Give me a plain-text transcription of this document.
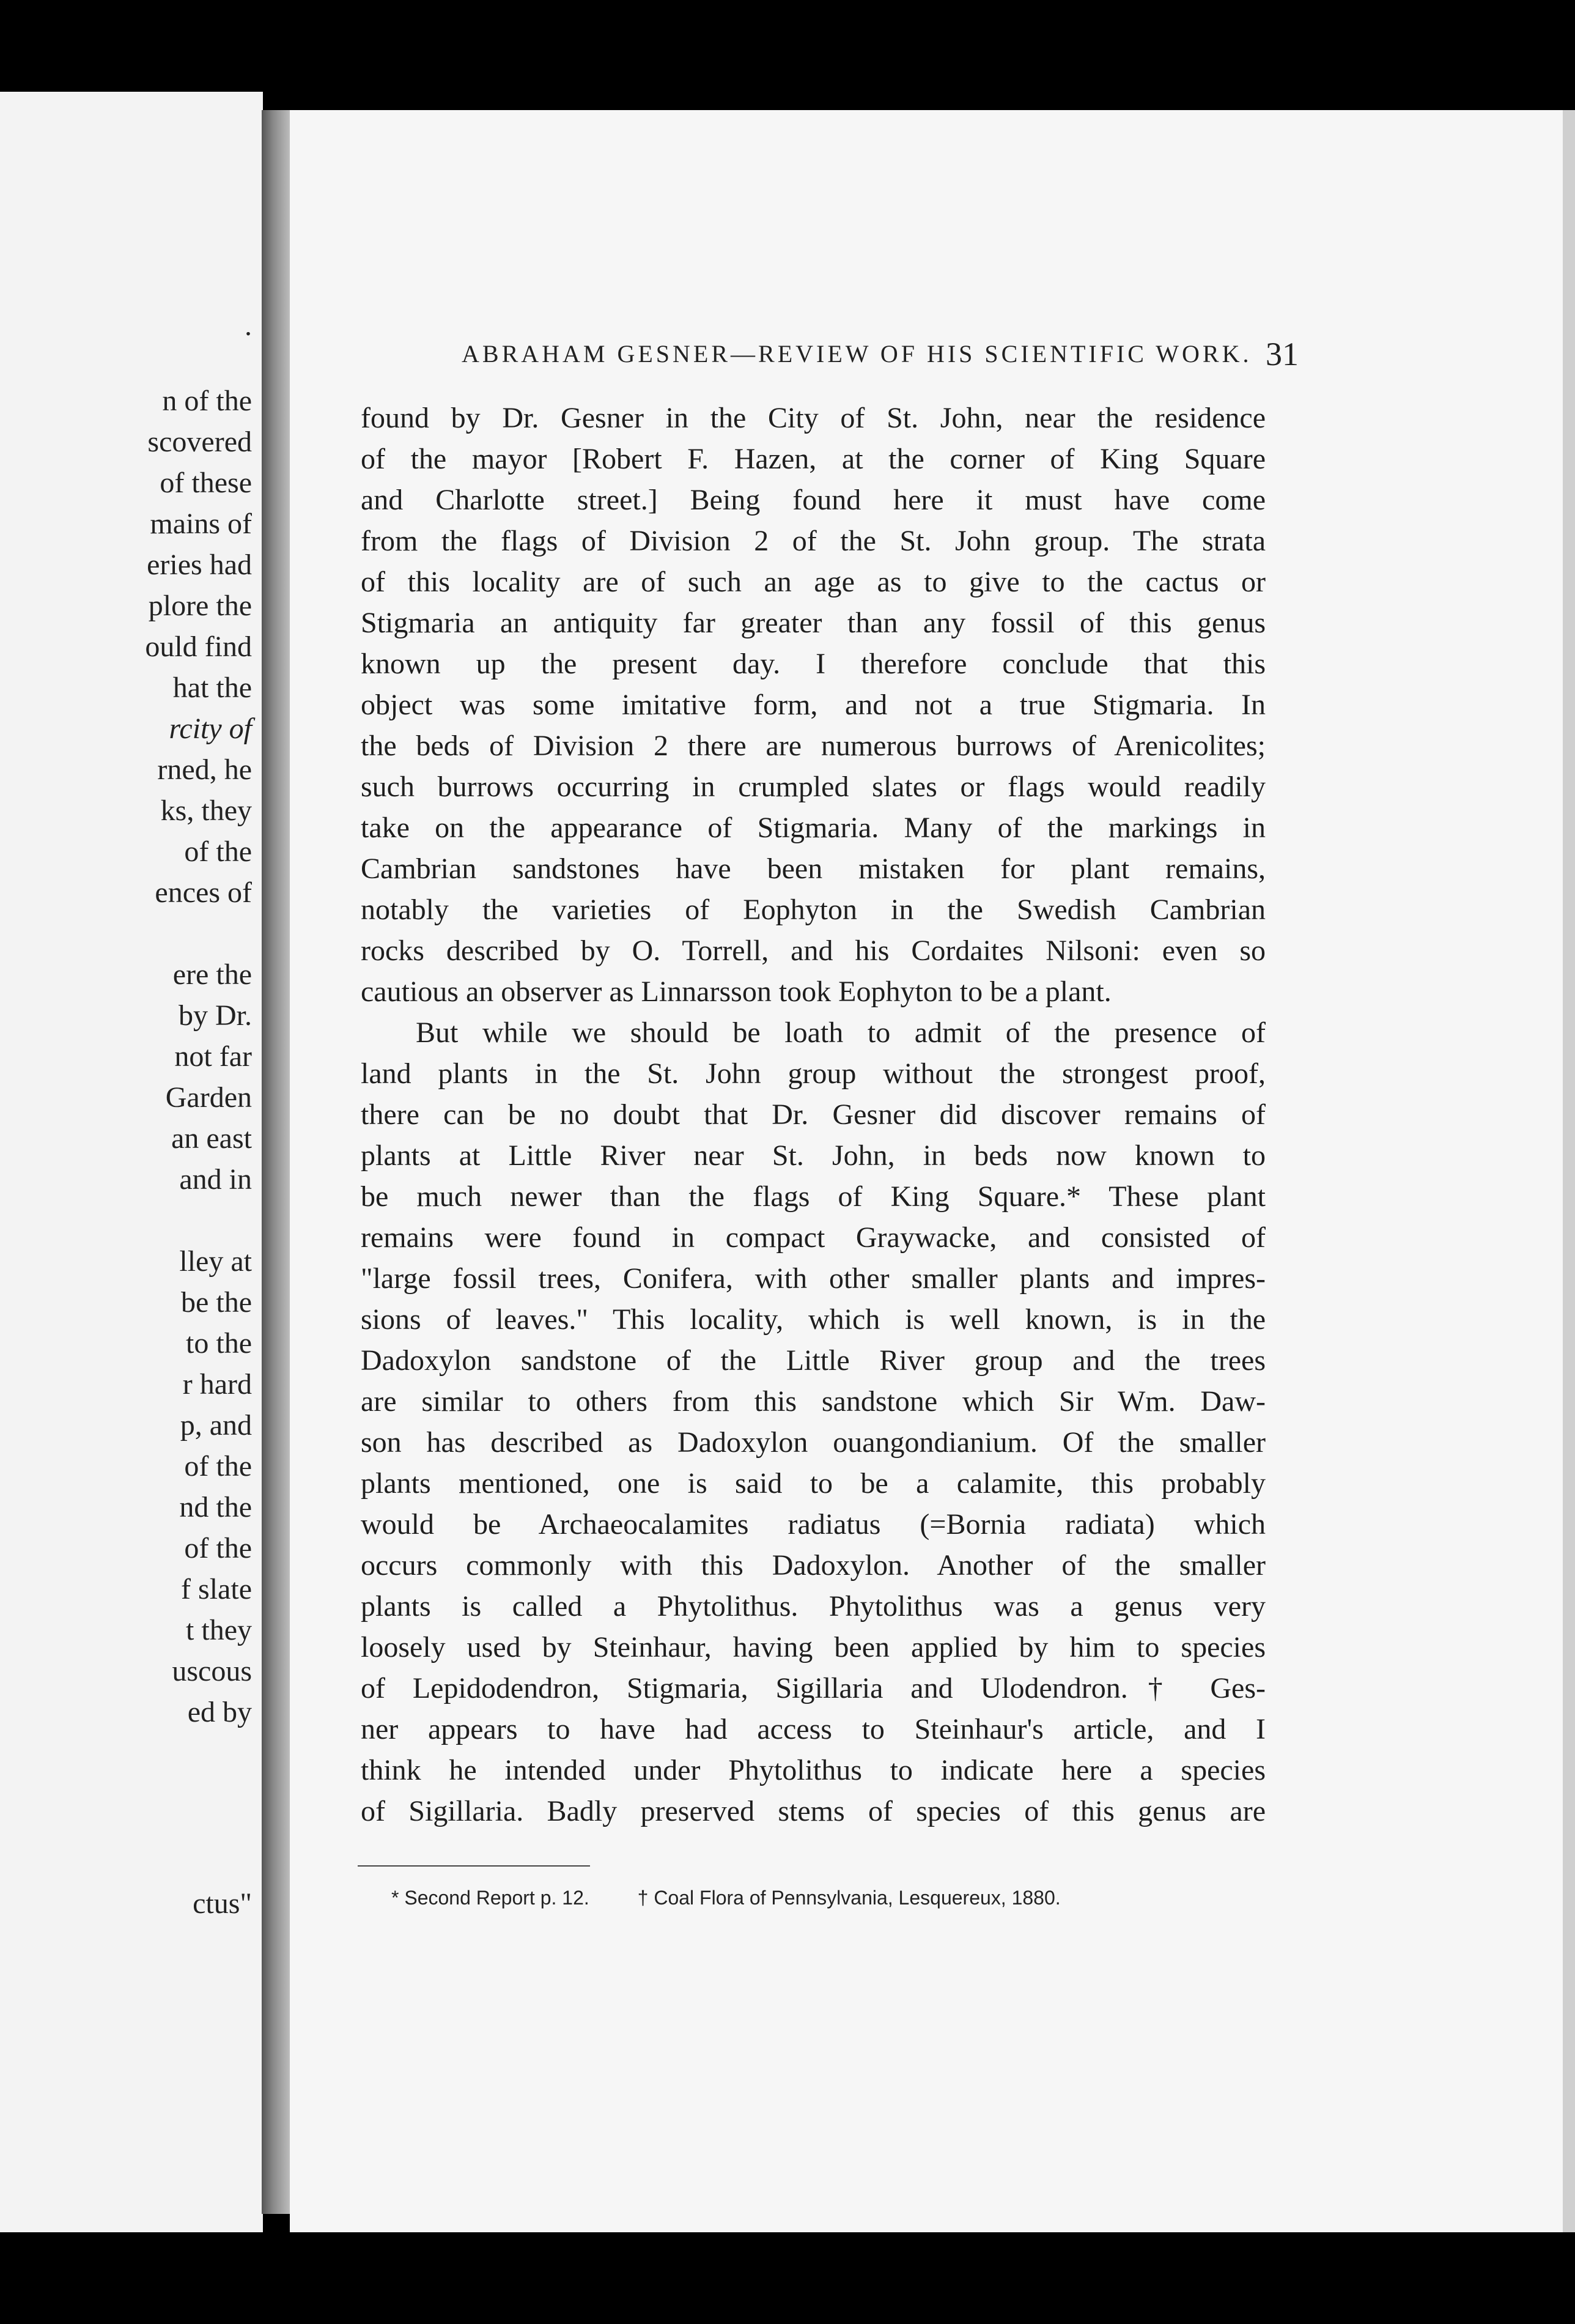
.
n of the
scovered
of these
mains of
eries had
plore the
ould find
hat the
rcity of
rned, he
ks, they
of the
ences of
ere the
by Dr.
not far
Garden
an east
and in
lley at
be the
to the
r hard
p, and
of the
nd the
of the
f slate
t they
uscous
ed by
ctus"
ABRAHAM GESNER—REVIEW OF HIS SCIENTIFIC WORK. 31
found by Dr. Gesner in the City of St. John, near the residence
of the mayor [Robert F. Hazen, at the corner of King Square
and Charlotte street.] Being found here it must have come
from the flags of Division 2 of the St. John group. The strata
of this locality are of such an age as to give to the cactus or
Stigmaria an antiquity far greater than any fossil of this genus
known up the present day. I therefore conclude that this
object was some imitative form, and not a true Stigmaria. In
the beds of Division 2 there are numerous burrows of Arenicolites;
such burrows occurring in crumpled slates or flags would readily
take on the appearance of Stigmaria. Many of the markings in
Cambrian sandstones have been mistaken for plant remains,
notably the varieties of Eophyton in the Swedish Cambrian
rocks described by O. Torrell, and his Cordaites Nilsoni: even so
cautious an observer as Linnarsson took Eophyton to be a plant.
But while we should be loath to admit of the presence of
land plants in the St. John group without the strongest proof,
there can be no doubt that Dr. Gesner did discover remains of
plants at Little River near St. John, in beds now known to
be much newer than the flags of King Square.* These plant
remains were found in compact Graywacke, and consisted of
"large fossil trees, Conifera, with other smaller plants and impres-
sions of leaves." This locality, which is well known, is in the
Dadoxylon sandstone of the Little River group and the trees
are similar to others from this sandstone which Sir Wm. Daw-
son has described as Dadoxylon ouangondianium. Of the smaller
plants mentioned, one is said to be a calamite, this probably
would be Archaeocalamites radiatus (=Bornia radiata) which
occurs commonly with this Dadoxylon. Another of the smaller
plants is called a Phytolithus. Phytolithus was a genus very
loosely used by Steinhaur, having been applied by him to species
of Lepidodendron, Stigmaria, Sigillaria and Ulodendron.† Ges-
ner appears to have had access to Steinhaur's article, and I
think he intended under Phytolithus to indicate here a species
of Sigillaria. Badly preserved stems of species of this genus are
* Second Report p. 12. † Coal Flora of Pennsylvania, Lesquereux, 1880.
